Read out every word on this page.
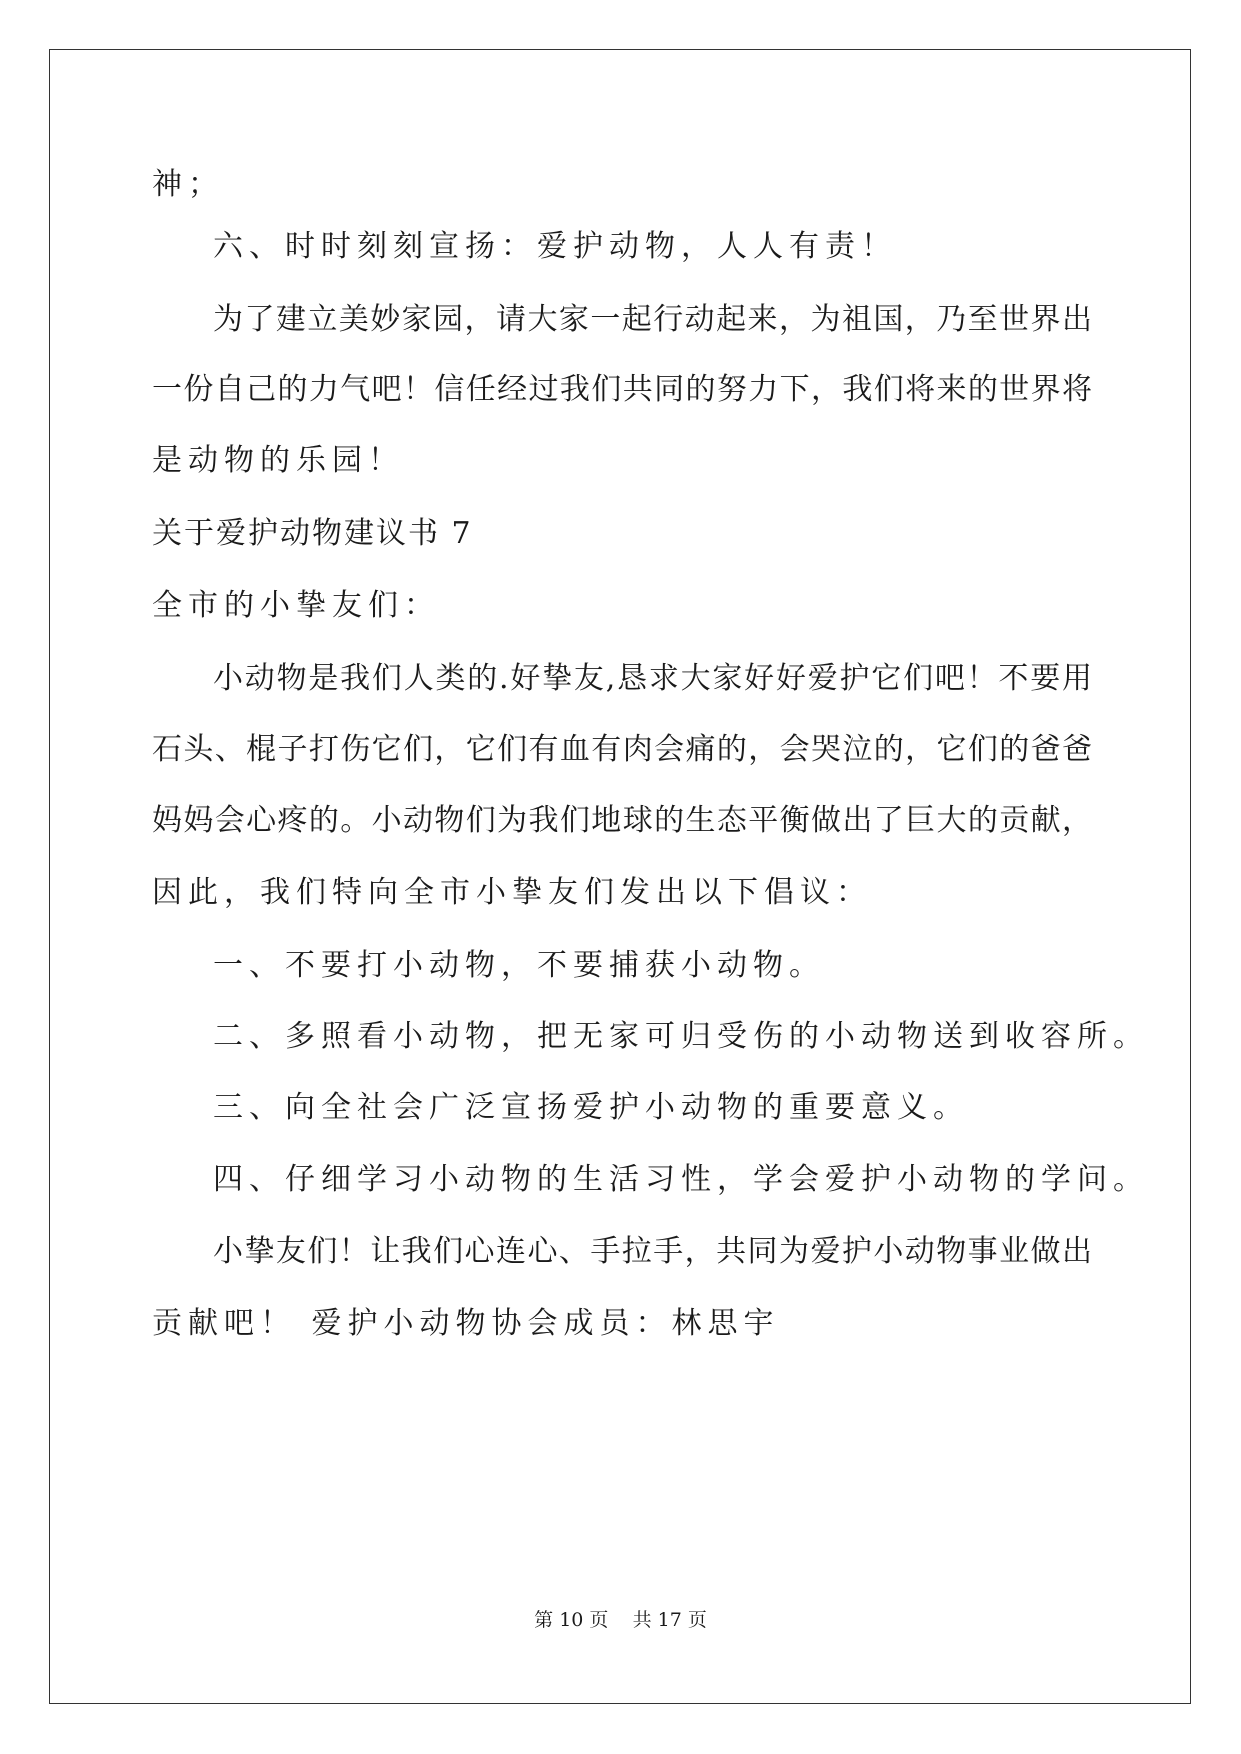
神；
六、时时刻刻宣扬：爱护动物，人人有责！
为了建立美妙家园，请大家一起行动起来，为祖国，乃至世界出
一份自己的力气吧！信任经过我们共同的努力下，我们将来的世界将
是动物的乐园！
关于爱护动物建议书 7
全市的小挚友们：
小动物是我们人类的.好挚友,恳求大家好好爱护它们吧！不要用
石头、棍子打伤它们，它们有血有肉会痛的，会哭泣的，它们的爸爸
妈妈会心疼的。小动物们为我们地球的生态平衡做出了巨大的贡献，
因此，我们特向全市小挚友们发出以下倡议：
一、不要打小动物，不要捕获小动物。
二、多照看小动物，把无家可归受伤的小动物送到收容所。
三、向全社会广泛宣扬爱护小动物的重要意义。
四、仔细学习小动物的生活习性，学会爱护小动物的学问。
小挚友们！让我们心连心、手拉手，共同为爱护小动物事业做出
贡献吧！ 爱护小动物协会成员：林思宇
第 10 页    共 17 页
